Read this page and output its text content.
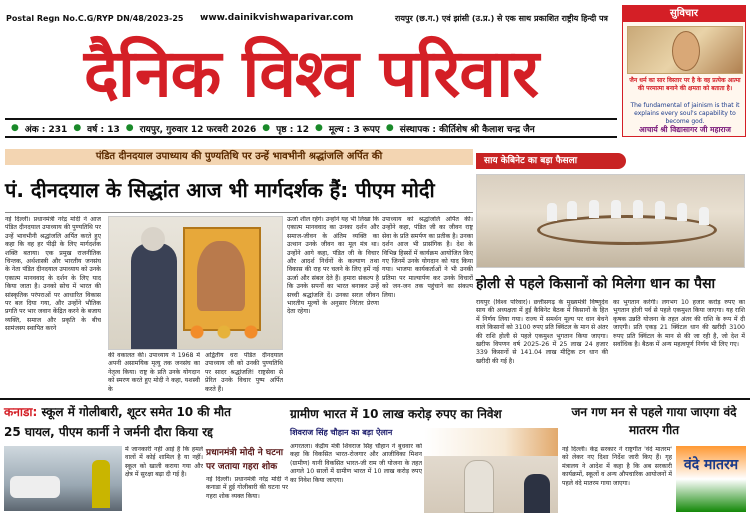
Postal Regn No.C.G/RYP DN/48/2023-25 www.dainikvishwaparivar.com	रायपुर (छ.ग.) एवं झांसी (उ.प्र.) से एक साथ प्रकाशित राष्ट्रीय हिन्दी पत्र
दैनिक विश्व परिवार
● अंक : 231 ● वर्ष : 13 ● रायपुर, गुरुवार 12 फरवरी 2026 ● पृष्ठ : 12 ● मूल्य : 3 रूपए ● संस्थापक : कीर्तिशेष श्री कैलाश चन्द्र जैन
सुविचार
जैन धर्म का सार विस्तार पर है के वह प्रत्येक आत्मा की परमात्मा बनाने की क्षमता को बताता है।
The fundamental of jainism is that it explains every soul's capability to become god.
आचार्य श्री विद्यासागर जी महाराज
पंडित दीनदयाल उपाध्याय की पुण्यतिथि पर उन्हें भावभीनी श्रद्धांजलि अर्पित की
पं. दीनदयाल के सिद्धांत आज भी मार्गदर्शक हैं: पीएम मोदी
नई दिल्ली। प्रधानमंत्री नरेंद्र मोदी ने आज पंडित दीनदयाल उपाध्याय की पुण्यतिथि पर उन्हें भावभीनी श्रद्धांजलि अर्पित करते हुए कहा कि वह हर पीढ़ी के लिए मार्गदर्शक शक्ति बताया। एक प्रमुख राजनीतिक चिन्तक, अर्थशास्त्री और भारतीय जनसंघ के नेता पंडित दीनदयाल उपाध्याय को उनके एकात्म मानववाद के दर्शन के लिए याद किया जाता है। उनको सोच में भारत की सांस्कृतिक परंपराओं पर आधारित विकास पर बल दिया गया, और उन्होंने भौतिक प्रगति पर भार जवान केंद्रित करने के बजाय व्यक्ति, समाज और प्रकृति के बीच सामंजस्य स्थापित करने
की वकालत की। उपाध्याय ने 1968 में अपनी असामयिक मृत्यु तक जनसंघ का नेतृत्व किया। राष्ट्र के प्रति उनके योगदान को स्मरण करते हुए मोदी ने कहा, यशस्वी के
अद्वितीय धरा पंडित दीनदयाल उपाध्याय जी को उनकी पुण्यतिथि पर सादर श्रद्धांजलि! राष्ट्रसेवा से प्रेरित उनके विचार पुष्प अर्पित करते हैं।
ऊर्जा शील रहेंगे। उन्होंने यह भी लिखा कि एकात्म मानववाद का उनका दर्शन और समाज-जीवन के अंतिम व्यक्ति का उत्थान उनके जीवन का मूल मंत्र था। उन्होंने आगे कहा, पंडित जी के विचार और आदर्श निर्धनों के कल्याण तथा विकास की राह पर चलने के लिए हमें नई ऊर्जा और संबल देते हैं। हमारा संकल्प है कि उनके सपनों का भारत बनाकर उन्हें सच्ची श्रद्धांजलि दें। उनका सरल जीवन भारतीय मूल्यों के अनुसार निरंतर प्रेरणा देता रहेगा।
उपाध्याय को श्रद्धांजलि अर्पित की। उन्होंने कहा, पंडित जी का जीवन राष्ट्र सेवा के प्रति समर्पण का प्रतीक है। उनका दर्शन आज भी प्रासंगिक है। देश के विभिन्न हिस्सों में कार्यक्रम आयोजित किए गए जिनमें उनके योगदान को याद किया गया। भाजपा कार्यकर्ताओं ने भी उनकी प्रतिमा पर माल्यार्पण कर उनके विचारों को जन-जन तक पहुंचाने का संकल्प लिया।
साय केबिनेट का बड़ा फैसला
होली से पहले किसानों को मिलेगा धान का पैसा
रायपुर (विश्व परिवार)। छत्तीसगढ़ के मुख्यमंत्री विष्णुदेव साय की अध्यक्षता में हुई कैबिनेट बैठक में किसानों के हित में निर्णय लिया गया। राज्य में समर्थन मूल्य पर धान बेचने वाले किसानों को 3100 रुपए प्रति क्विंटल के मान से अंतर की राशि होली से पहले एकमुश्त भुगतान किया जाएगा। खरीफ विपणन वर्ष 2025-26 में 25 लाख 24 हजार 339 किसानों से 141.04 लाख मीट्रिक टन धान की खरीदी की गई है।
का भुगतान करेगी। लगभग 10 हजार करोड़ रुपए का भुगतान होली पर्व से पहले एकमुश्त किया जाएगा। यह राशि कृषक उन्नति योजना के तहत अंतर की राशि के रूप में दी जाएगी। प्रति एकड़ 21 क्विंटल धान की खरीदी 3100 रुपए प्रति क्विंटल के मान से की जा रही है, जो देश में सर्वाधिक है। बैठक में अन्य महत्वपूर्ण निर्णय भी लिए गए।
कनाडा: स्कूल में गोलीबारी, शूटर समेत 10 की मौत
25 घायल, पीएम कार्नी ने जर्मनी दौरा किया रद्द
में जानकारी नहीं आई है कि हमले वालों में कोई शामिल है या नहीं। स्कूल को खाली कराया गया और क्षेत्र में सुरक्षा बढ़ा दी गई है।
प्रधानमंत्री मोदी ने घटना पर जताया गहरा शोक
नई दिल्ली। प्रधानमंत्री नरेंद्र मोदी ने कनाडा में हुई गोलीबारी की घटना पर गहरा शोक व्यक्त किया।
ग्रामीण भारत में 10 लाख करोड़ रुपए का निवेश
शिवराज सिंह चौहान का बड़ा ऐलान
अगरतला। केंद्रीय मंत्री शिवराज सिंह चौहान ने बुधवार को कहा कि विकसित भारत-रोजगार और आजीविका मिशन (ग्रामीण) यानी विकसित भारत-जी राम जी योजना के तहत आगले 10 सालों में ग्रामीण भारत में 10 लाख करोड़ रुपए का निवेश किया जाएगा।
जन गण मन से पहले गाया जाएगा वंदे मातरम गीत
नई दिल्ली। केंद्र सरकार ने राष्ट्रगीत 'वंदे मातरम' को लेकर नए दिशा निर्देश जारी किए हैं। गृह मंत्रालय ने आदेश में कहा है कि अब सरकारी कार्यक्रमों, स्कूलों व अन्य औपचारिक आयोजनों में पहले वंदे मातरम गाया जाएगा।
वंदे मातरम
